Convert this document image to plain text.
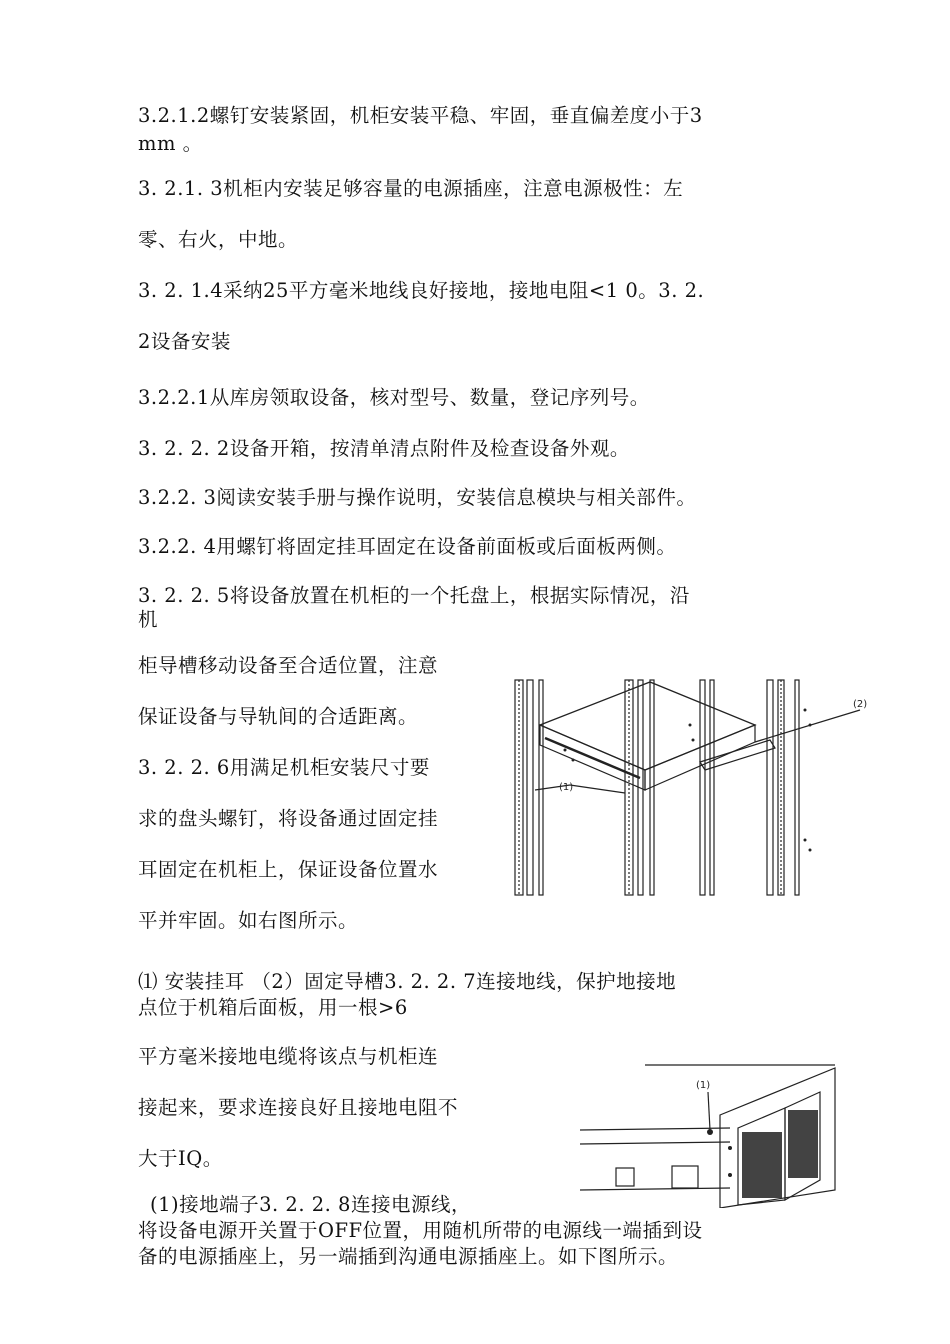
3.2.1.2螺钉安装紧固，机柜安装平稳、牢固，垂直偏差度小于3
mm 。
3. 2.1. 3机柜内安装足够容量的电源插座，注意电源极性：左
零、右火，中地。
3. 2. 1.4采纳25平方毫米地线良好接地，接地电阻<1 0。3. 2.
2设备安装
3.2.2.1从库房领取设备，核对型号、数量，登记序列号。
3. 2. 2. 2设备开箱，按清单清点附件及检查设备外观。
3.2.2. 3阅读安装手册与操作说明，安装信息模块与相关部件。
3.2.2. 4用螺钉将固定挂耳固定在设备前面板或后面板两侧。
3. 2. 2. 5将设备放置在机柜的一个托盘上，根据实际情况，沿
机
柜导槽移动设备至合适位置，注意
保证设备与导轨间的合适距离。
3. 2. 2. 6用满足机柜安装尺寸要
求的盘头螺钉，将设备通过固定挂
耳固定在机柜上，保证设备位置水
平并牢固。如右图所示。
⑴ 安装挂耳 （2）固定导槽3. 2. 2. 7连接地线，保护地接地
点位于机箱后面板，用一根>6
平方毫米接地电缆将该点与机柜连
接起来，要求连接良好且接地电阻不
大于IQ。
(1)接地端子3. 2. 2. 8连接电源线，
将设备电源开关置于OFF位置，用随机所带的电源线一端插到设
备的电源插座上，另一端插到沟通电源插座上。如下图所示。
(1)
(2)
(1)
